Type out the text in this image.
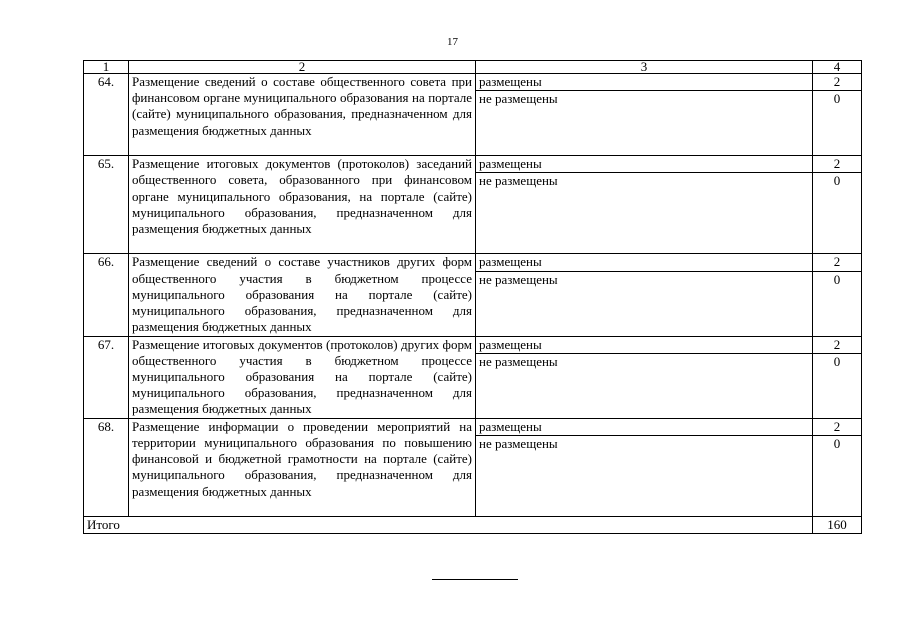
17
1	2	3	4
64.	Размещение сведений о составе общественного совета при финансовом органе муниципального образования на портале (сайте) муниципального образования, предназначенном для размещения бюджетных данных	размещены	2
		не размещены	0
65.	Размещение итоговых документов (протоколов) заседаний общественного совета, образованного при финансовом органе муниципального образования, на портале (сайте) муниципального образования, предназначенном для размещения бюджетных данных	размещены	2
		не размещены	0
66.	Размещение сведений о составе участников других форм общественного участия в бюджетном процессе муниципального образования на портале (сайте) муниципального образования, предназначенном для размещения бюджетных данных	размещены	2
		не размещены	0
67.	Размещение итоговых документов (протоколов) других форм общественного участия в бюджетном процессе муниципального образования на портале (сайте) муниципального образования, предназначенном для размещения бюджетных данных	размещены	2
		не размещены	0
68.	Размещение информации о проведении мероприятий на территории муниципального образования по повышению финансовой и бюджетной грамотности на портале (сайте) муниципального образования, предназначенном для размещения бюджетных данных	размещены	2
		не размещены	0
Итого			160
